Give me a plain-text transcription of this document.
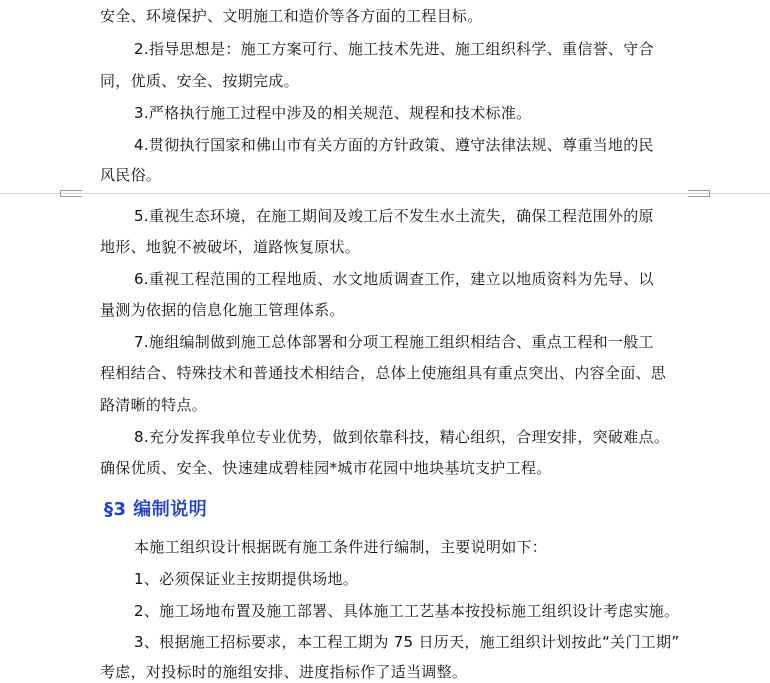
安全、环境保护、文明施工和造价等各方面的工程目标。
2.指导思想是：施工方案可行、施工技术先进、施工组织科学、重信誉、守合
同，优质、安全、按期完成。
3.严格执行施工过程中涉及的相关规范、规程和技术标准。
4.贯彻执行国家和佛山市有关方面的方针政策、遵守法律法规、尊重当地的民
风民俗。
5.重视生态环境，在施工期间及竣工后不发生水土流失，确保工程范围外的原
地形、地貌不被破坏，道路恢复原状。
6.重视工程范围的工程地质、水文地质调查工作，建立以地质资料为先导、以
量测为依据的信息化施工管理体系。
7.施组编制做到施工总体部署和分项工程施工组织相结合、重点工程和一般工
程相结合、特殊技术和普通技术相结合，总体上使施组具有重点突出、内容全面、思
路清晰的特点。
8.充分发挥我单位专业优势，做到依靠科技，精心组织，合理安排，突破难点。
确保优质、安全、快速建成碧桂园*城市花园中地块基坑支护工程。
§3 编制说明
本施工组织设计根据既有施工条件进行编制，主要说明如下：
1、必须保证业主按期提供场地。
2、施工场地布置及施工部署、具体施工工艺基本按投标施工组织设计考虑实施。
3、根据施工招标要求，本工程工期为 75 日历天，施工组织计划按此“关门工期”
考虑，对投标时的施组安排、进度指标作了适当调整。
